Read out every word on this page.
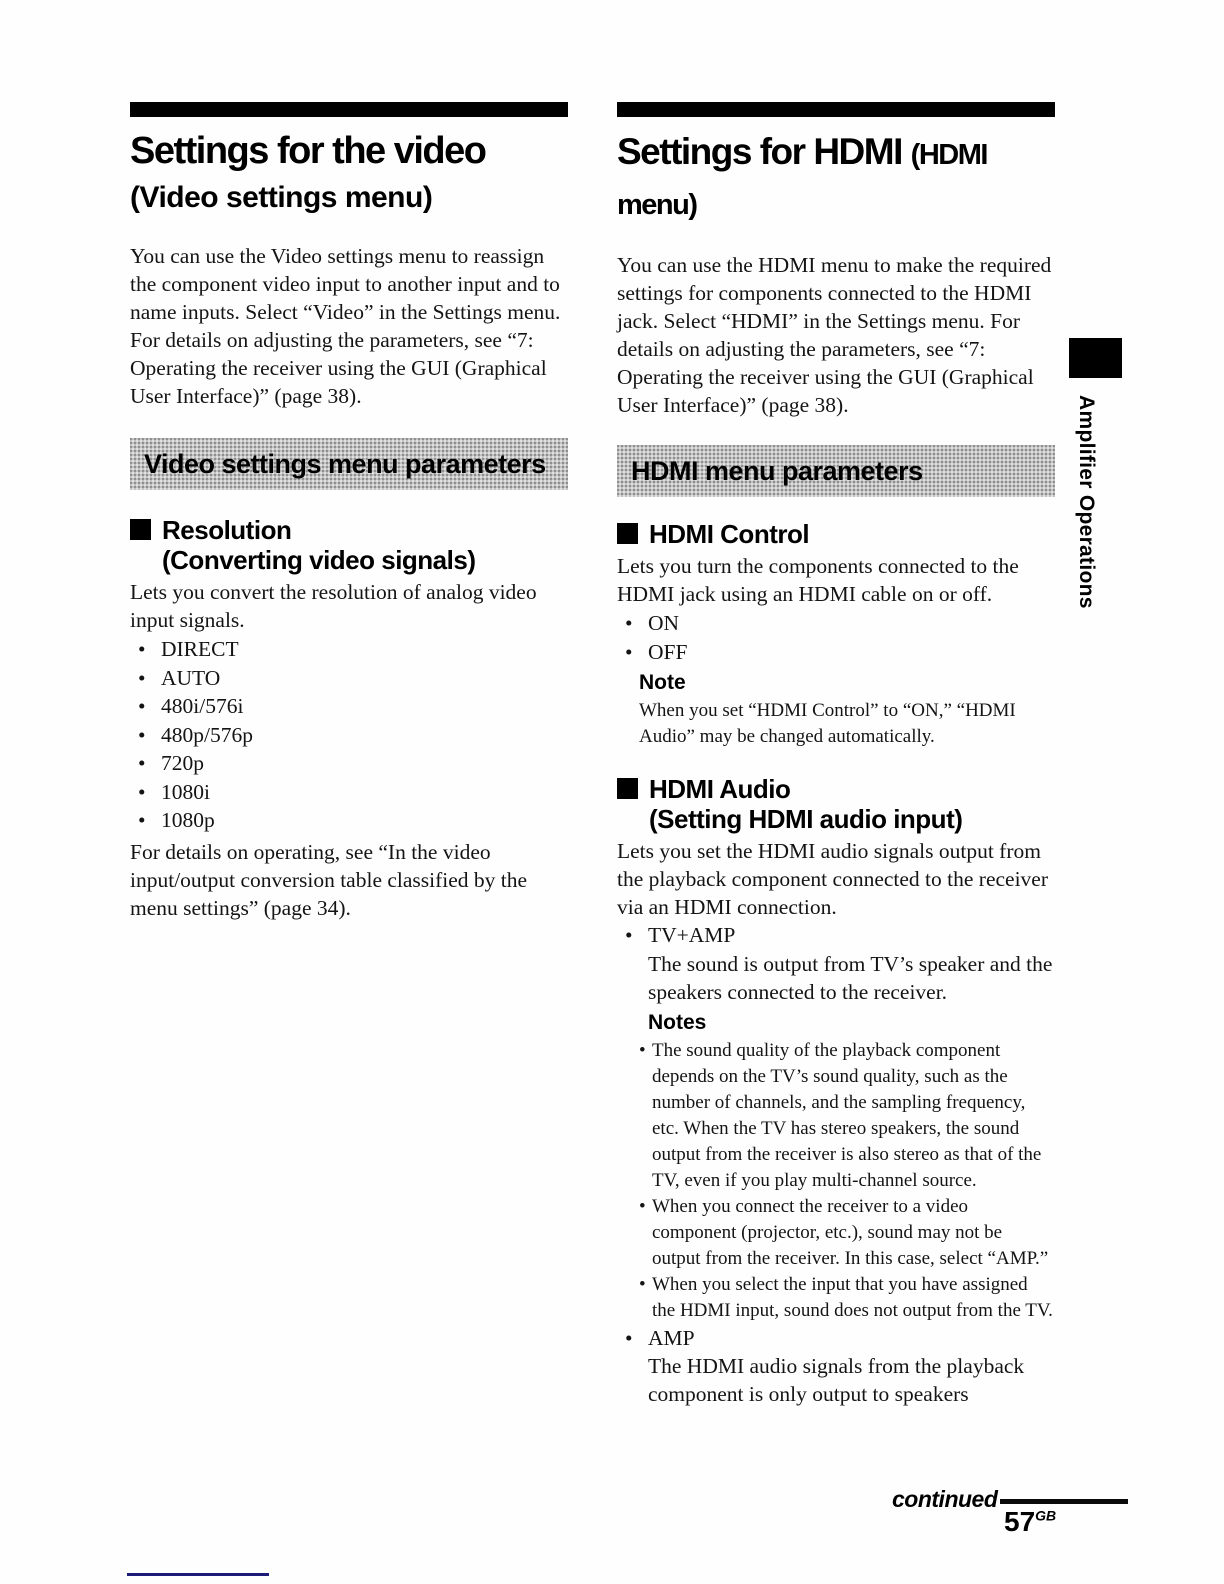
Settings for the video
(Video settings menu)

You can use the Video settings menu to reassign the component video input to another input and to name inputs. Select “Video” in the Settings menu. For details on adjusting the parameters, see “7: Operating the receiver using the GUI (Graphical User Interface)” (page 38).

Video settings menu parameters
Resolution
(Converting video signals)

Lets you convert the resolution of analog video input signals.

• DIRECT
• AUTO
• 480i/576i
• 480p/576p
• 720p
• 1080i
• 1080p

For details on operating, see “In the video input/output conversion table classified by the menu settings” (page 34).

Settings for HDMI (HDMI menu)

You can use the HDMI menu to make the required settings for components connected to the HDMI jack. Select “HDMI” in the Settings menu. For details on adjusting the parameters, see “7: Operating the receiver using the GUI (Graphical User Interface)” (page 38).

HDMI menu parameters
HDMI Control

Lets you turn the components connected to the HDMI jack using an HDMI cable on or off.

• ON
• OFF
Note
When you set “HDMI Control” to “ON,” “HDMI Audio” may be changed automatically.
HDMI Audio
(Setting HDMI audio input)

Lets you set the HDMI audio signals output from the playback component connected to the receiver via an HDMI connection.

• TV+AMP
The sound is output from TV’s speaker and the speakers connected to the receiver.
Notes
• The sound quality of the playback component depends on the TV’s sound quality, such as the number of channels, and the sampling frequency, etc. When the TV has stereo speakers, the sound output from the receiver is also stereo as that of the TV, even if you play multi-channel source.
• When you connect the receiver to a video component (projector, etc.), sound may not be output from the receiver. In this case, select “AMP.”
• When you select the input that you have assigned the HDMI input, sound does not output from the TV.
• AMP
The HDMI audio signals from the playback component is only output to speakers
Amplifier Operations
continued
$57^{GB}$
